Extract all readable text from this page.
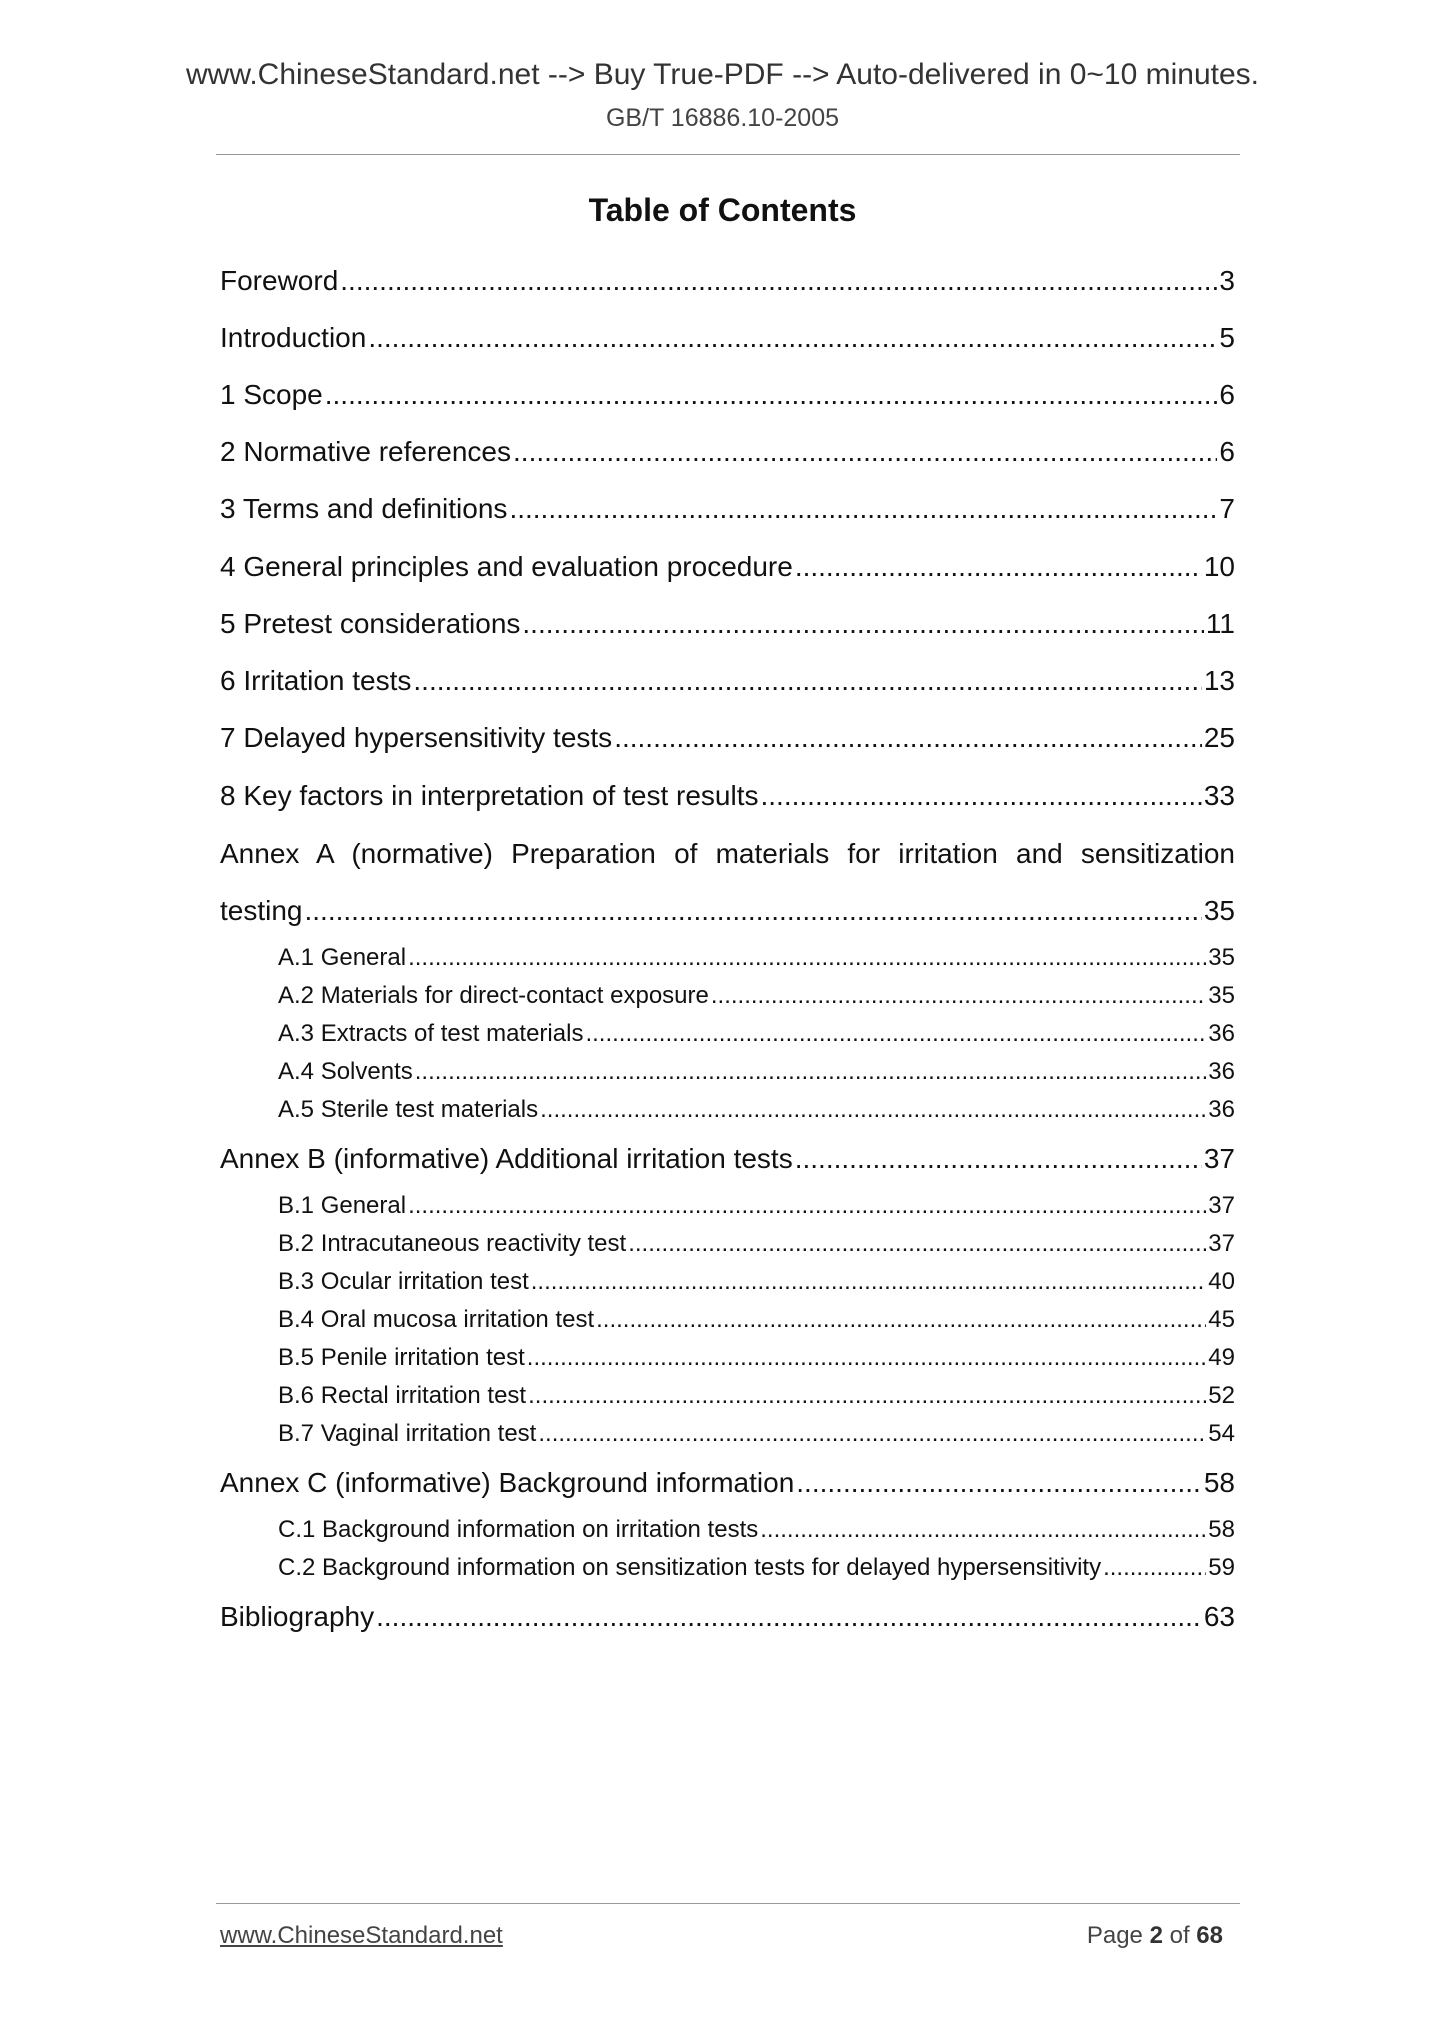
www.ChineseStandard.net --> Buy True-PDF --> Auto-delivered in 0~10 minutes.
GB/T 16886.10-2005
Table of Contents
Foreword .....	3
Introduction .....	5
1 Scope .....	6
2 Normative references .....	6
3 Terms and definitions .....	7
4 General principles and evaluation procedure .....	10
5 Pretest considerations .....	11
6 Irritation tests .....	13
7 Delayed hypersensitivity tests .....	25
8 Key factors in interpretation of test results .....	33
Annex A (normative) Preparation of materials for irritation and sensitization
testing .....	35
A.1 General .....	35
A.2 Materials for direct-contact exposure .....	35
A.3 Extracts of test materials .....	36
A.4 Solvents .....	36
A.5 Sterile test materials .....	36
Annex B (informative) Additional irritation tests .....	37
B.1 General .....	37
B.2 Intracutaneous reactivity test .....	37
B.3 Ocular irritation test .....	40
B.4 Oral mucosa irritation test .....	45
B.5 Penile irritation test .....	49
B.6 Rectal irritation test .....	52
B.7 Vaginal irritation test .....	54
Annex C (informative) Background information .....	58
C.1 Background information on irritation tests .....	58
C.2 Background information on sensitization tests for delayed hypersensitivity .....	59
Bibliography .....	63
www.ChineseStandard.net	Page 2 of 68
